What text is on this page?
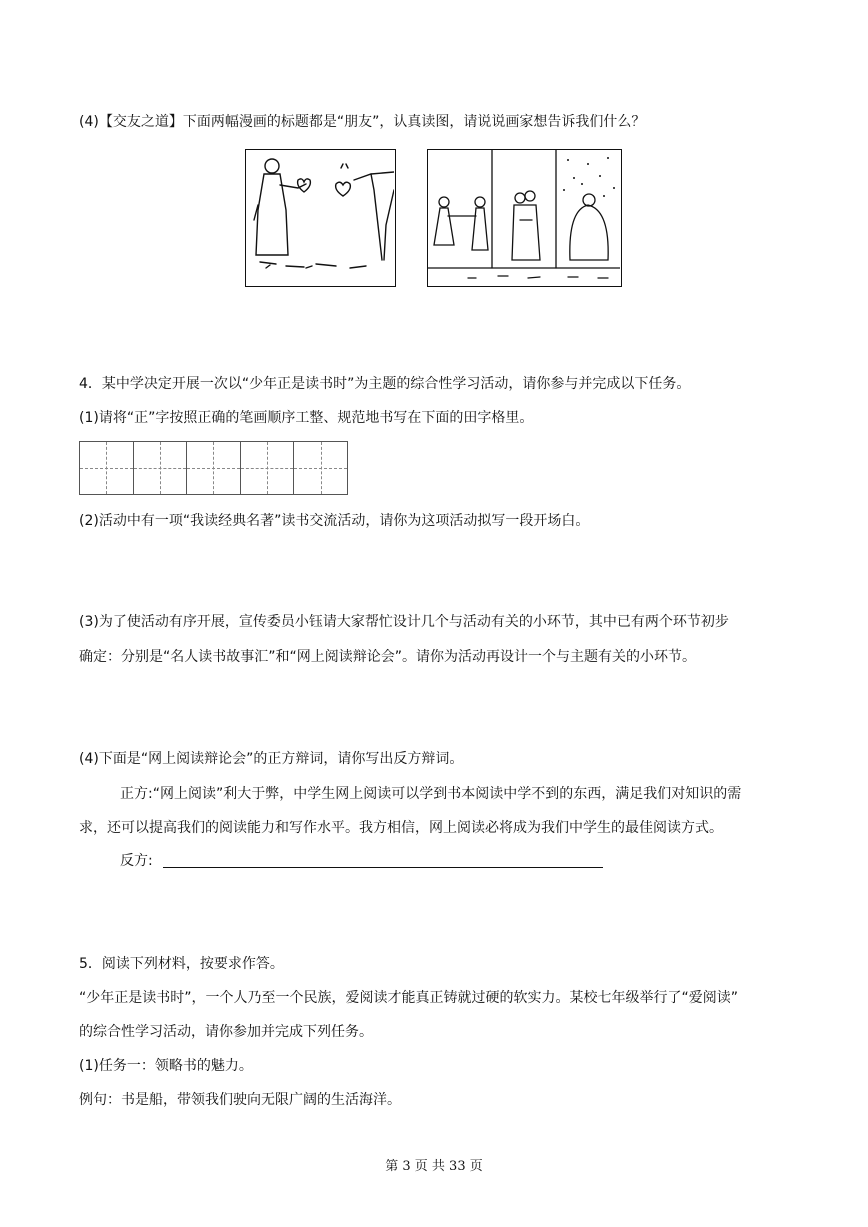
(4)【交友之道】下面两幅漫画的标题都是“朋友”，认真读图，请说说画家想告诉我们什么？
4．某中学决定开展一次以“少年正是读书时”为主题的综合性学习活动，请你参与并完成以下任务。
(1)请将“正”字按照正确的笔画顺序工整、规范地书写在下面的田字格里。
(2)活动中有一项“我读经典名著”读书交流活动，请你为这项活动拟写一段开场白。
(3)为了使活动有序开展，宣传委员小钰请大家帮忙设计几个与活动有关的小环节，其中已有两个环节初步
确定：分别是“名人读书故事汇”和“网上阅读辩论会”。请你为活动再设计一个与主题有关的小环节。
(4)下面是“网上阅读辩论会”的正方辩词，请你写出反方辩词。
正方:“网上阅读”利大于弊，中学生网上阅读可以学到书本阅读中学不到的东西，满足我们对知识的需
求，还可以提高我们的阅读能力和写作水平。我方相信，网上阅读必将成为我们中学生的最佳阅读方式。
反方:
5．阅读下列材料，按要求作答。
“少年正是读书时”，一个人乃至一个民族，爱阅读才能真正铸就过硬的软实力。某校七年级举行了“爱阅读”
的综合性学习活动，请你参加并完成下列任务。
(1)任务一：领略书的魅力。
例句：书是船，带领我们驶向无限广阔的生活海洋。
第 3 页 共 33 页
